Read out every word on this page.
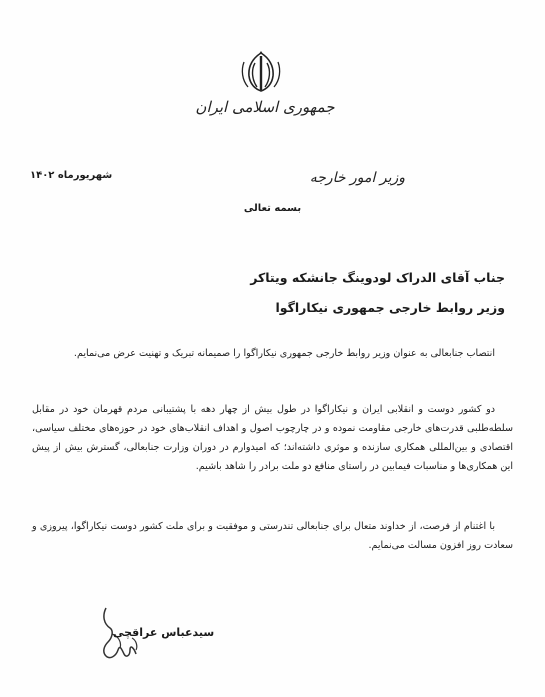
جمهوری اسلامی ایران
وزیر امور خارجه
شهریورماه ۱۴۰۲
بسمه تعالی
جناب آقای الدراک لودوینگ جانشکه ویتاکر
وزیر روابط خارجی جمهوری نیکاراگوا
انتصاب جنابعالی به عنوان وزیر روابط خارجی جمهوری نیکاراگوا را صمیمانه تبریک و تهنیت عرض می‌نمایم.
دو کشور دوست و انقلابی ایران و نیکاراگوا در طول بیش از چهار دهه با پشتیبانی مردم قهرمان خود در مقابل سلطه‌طلبی قدرت‌های خارجی مقاومت نموده و در چارچوب اصول و اهداف انقلاب‌های خود در حوزه‌های مختلف سیاسی، اقتصادی و بین‌المللی همکاری سازنده و موثری داشته‌اند؛ که امیدوارم در دوران وزارت جنابعالی، گسترش بیش از پیش این همکاری‌ها و مناسبات فیمابین در راستای منافع دو ملت برادر را شاهد باشیم.
با اغتنام از فرصت، از خداوند متعال برای جنابعالی تندرستی و موفقیت و برای ملت کشور دوست نیکاراگوا، پیروزی و سعادت روز افزون مسالت می‌نمایم.
سیدعباس عراقچی
